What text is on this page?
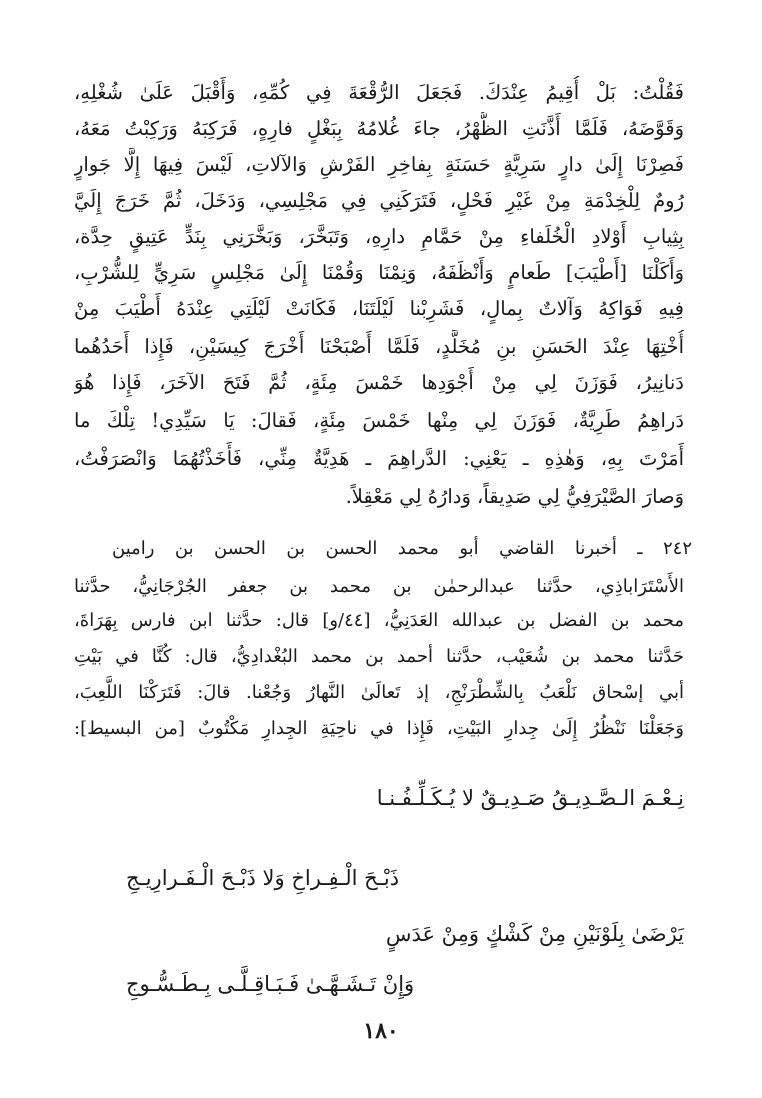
فَقُلْتُ: بَلْ أُقِيمُ عِنْدَكَ. فَجَعَلَ الرُّقْعَةَ فِي كُمِّهِ، وَأَقْبَلَ عَلَىٰ شُغْلِهِ،
وَقَوَّضَهُ، فَلَمَّا أَذَّنَتِ الظُّهْرُ، جاءَ غُلامُهُ بِبَغْلٍ فارِهٍ، فَرَكِبَهُ وَرَكِبْتُ مَعَهُ،
فَصِرْنَا إِلَىٰ دارٍ سَرِيَّةٍ حَسَنَةٍ بِفاخِرِ الفَرْشِ وَالآلاتِ، لَيْسَ فِيهَا إِلَّا جَوارٍ
رُومٌ لِلْخِدْمَةِ مِنْ غَيْرِ فَحْلٍ، فَتَرَكَنِي فِي مَجْلِسِي، وَدَخَلَ، ثُمَّ خَرَجَ إِلَيَّ
بِثِيابِ أَوْلادِ الْخُلَفاءِ مِنْ حَمَّامِ دارِهِ، وَتَبَخَّرَ، وَبَخَّرَنِي بِنَدٍّ عَتِيقٍ حِدَّة،
وَأَكَلْنَا [أَطْيَبَ] طَعامٍ وَأَنْظَفَهُ، وَنِمْنَا وَقُمْنَا إِلَىٰ مَجْلِسٍ سَرِيٍّ لِلشُّرْبِ،
فِيهِ فَوَاكِهُ وَآلاتٌ بِمالٍ، فَشَرِبْنا لَيْلَتَنَا، فَكَانَتْ لَيْلَتِي عِنْدَهُ أَطْيَبَ مِنْ
أُخْتِهَا عِنْدَ الحَسَنِ بنِ مُخَلَّدٍ، فَلَمَّا أَصْبَحْنَا أَخْرَجَ كِيسَيْنِ، فَإِذا أَحَدُهُما
دَنانِيرُ، فَوَزَنَ لِي مِنْ أَجْوَدِها خَمْسَ مِئَةٍ، ثُمَّ فَتَحَ الآخَرَ، فَإِذا هُوَ
دَراهِمُ طَرِيَّةٌ، فَوَزَنَ لِي مِنْها خَمْسَ مِئَةٍ، فَقالَ: يَا سَيِّدِي! تِلْكَ ما
أَمَرْتَ بِهِ، وَهٰذِهِ ـ يَعْنِي: الدَّراهِمَ ـ هَدِيَّةٌ مِنِّي، فَأَخَذْتُهُمَا وَانْصَرَفْتُ،
وَصارَ الصَّيْرَفِيُّ لِي صَدِيقاً، وَدارُهُ لِي مَعْقِلاً.
٢٤٢ ـ أخبرنا القاضي أبو محمد الحسن بن الحسن بن رامين
الأَسْتَرَاباذِي، حدَّثنا عبدالرحمٰن بن محمد بن جعفر الجُرْجَانِيُّ، حدَّثنا
محمد بن الفضل بن عبدالله العَدَنِيُّ، [٤٤/و] قال: حدَّثنا ابن فارس بِهَرَاةَ،
حَدَّثنا محمد بن شُعَيْب، حدَّثنا أحمد بن محمد البُغْدادِيُّ، قال: كُنَّا في بَيْتِ
أبي إسْحاق نَلْعَبُ بِالشِّطْرَنْجِ، إذ تَعالَىٰ النَّهارُ وَجُعْنا. قالَ: فَتَرَكْنَا اللَّعِبَ،
وَجَعَلْنَا نَنْظُرُ إِلَىٰ جِدارِ البَيْتِ، فَإِذا في ناحِيَةِ الجِدارِ مَكْتُوبٌ [من البسيط]:
نِـعْـمَ الـصَّـدِيـقُ صَـدِيـقٌ لا يُـكَـلِّـفُـنـا
ذَبْـحَ الْـفِـراخِ وَلا ذَبْـحَ الْـفَـرارِيـجِ
يَرْضَىٰ بِلَوْنَيْنِ مِنْ كَشْكٍ وَمِنْ عَدَسٍ
وَإِنْ تَـشَـهَّـىٰ فَـبَـاقِـلَّـى بِـطَـسُّـوجِ
١٨٠
